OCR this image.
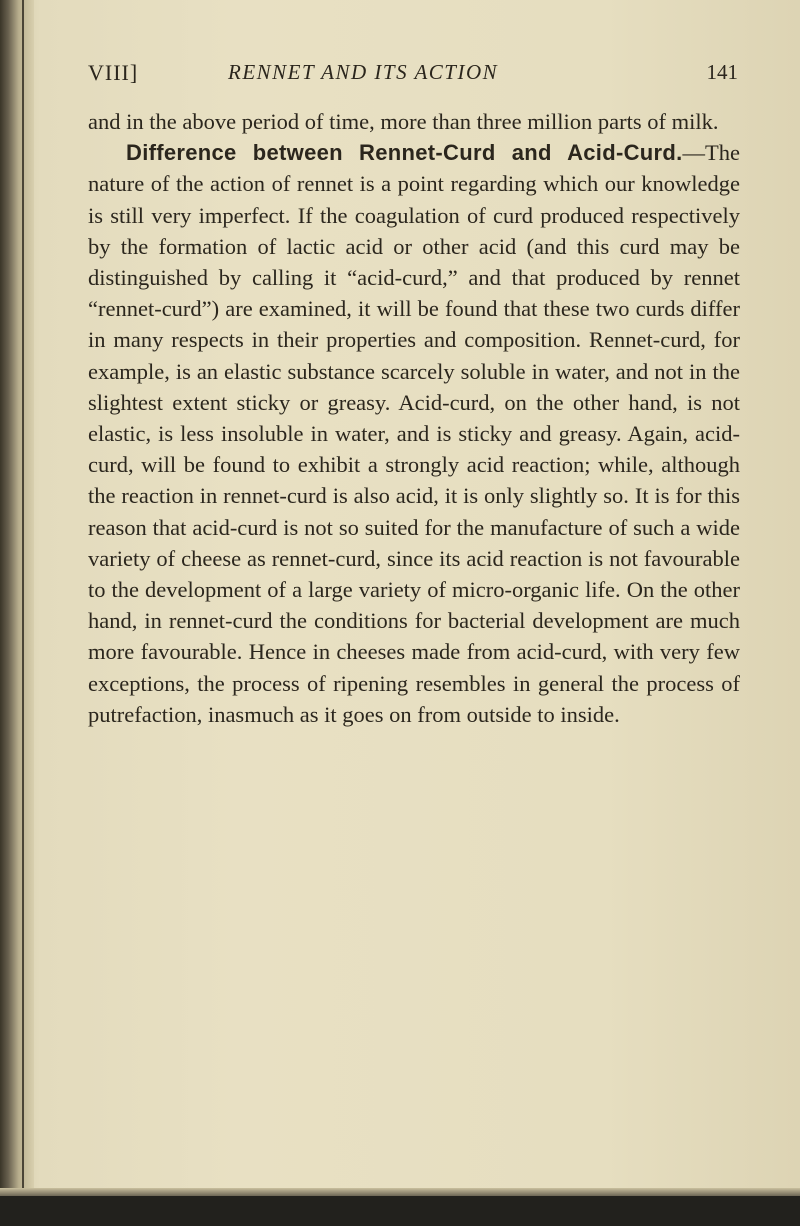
VIII]	RENNET AND ITS ACTION	141

and in the above period of time, more than three million parts of milk.

Difference between Rennet-Curd and Acid-Curd.—The nature of the action of rennet is a point regarding which our knowledge is still very imperfect. If the coagulation of curd produced respectively by the formation of lactic acid or other acid (and this curd may be distinguished by calling it “acid-curd,” and that produced by rennet “rennet-curd”) are examined, it will be found that these two curds differ in many respects in their properties and composition. Rennet-curd, for example, is an elastic substance scarcely soluble in water, and not in the slightest extent sticky or greasy. Acid-curd, on the other hand, is not elastic, is less insoluble in water, and is sticky and greasy. Again, acid-curd, will be found to exhibit a strongly acid reaction; while, although the reaction in rennet-curd is also acid, it is only slightly so. It is for this reason that acid-curd is not so suited for the manufacture of such a wide variety of cheese as rennet-curd, since its acid reaction is not favourable to the development of a large variety of micro-organic life. On the other hand, in rennet-curd the conditions for bacterial development are much more favourable. Hence in cheeses made from acid-curd, with very few exceptions, the process of ripening resembles in general the process of putrefaction, inasmuch as it goes on from outside to inside.
